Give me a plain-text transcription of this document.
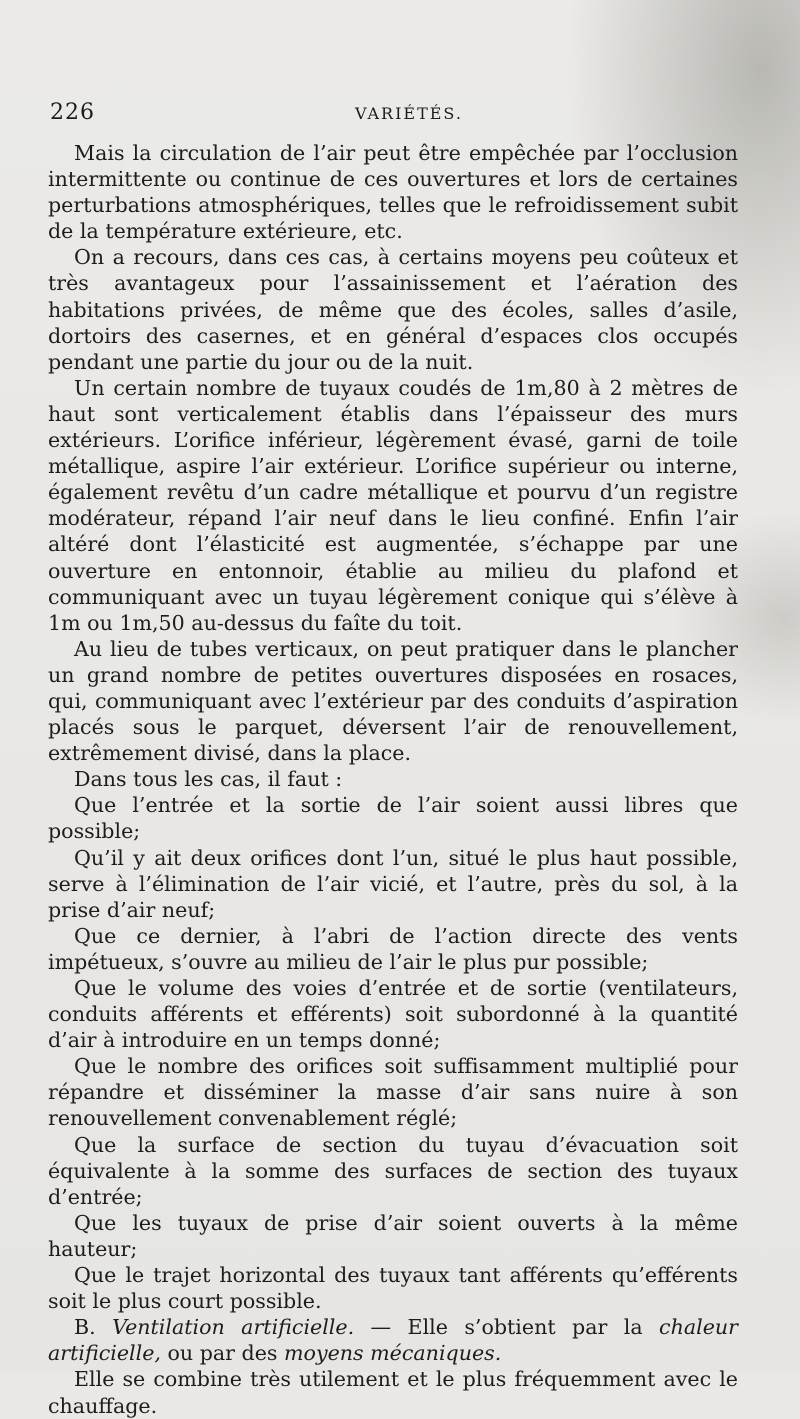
226	VARIÉTÉS.

Mais la circulation de l’air peut être empêchée par l’occlusion intermittente ou continue de ces ouvertures et lors de certaines perturbations atmosphériques, telles que le refroidissement subit de la température extérieure, etc.

On a recours, dans ces cas, à certains moyens peu coûteux et très avantageux pour l’assainissement et l’aération des habitations privées, de même que des écoles, salles d’asile, dortoirs des casernes, et en général d’espaces clos occupés pendant une partie du jour ou de la nuit.

Un certain nombre de tuyaux coudés de 1m,80 à 2 mètres de haut sont verticalement établis dans l’épaisseur des murs extérieurs. L’orifice inférieur, légèrement évasé, garni de toile métallique, aspire l’air extérieur. L’orifice supérieur ou interne, également revêtu d’un cadre métallique et pourvu d’un registre modérateur, répand l’air neuf dans le lieu confiné. Enfin l’air altéré dont l’élasticité est augmentée, s’échappe par une ouverture en entonnoir, établie au milieu du plafond et communiquant avec un tuyau légèrement conique qui s’élève à 1m ou 1m,50 au-dessus du faîte du toit.

Au lieu de tubes verticaux, on peut pratiquer dans le plancher un grand nombre de petites ouvertures disposées en rosaces, qui, communiquant avec l’extérieur par des conduits d’aspiration placés sous le parquet, déversent l’air de renouvellement, extrêmement divisé, dans la place.

Dans tous les cas, il faut :

Que l’entrée et la sortie de l’air soient aussi libres que possible;

Qu’il y ait deux orifices dont l’un, situé le plus haut possible, serve à l’élimination de l’air vicié, et l’autre, près du sol, à la prise d’air neuf;

Que ce dernier, à l’abri de l’action directe des vents impétueux, s’ouvre au milieu de l’air le plus pur possible;

Que le volume des voies d’entrée et de sortie (ventilateurs, conduits afférents et efférents) soit subordonné à la quantité d’air à introduire en un temps donné;

Que le nombre des orifices soit suffisamment multiplié pour répandre et disséminer la masse d’air sans nuire à son renouvellement convenablement réglé;

Que la surface de section du tuyau d’évacuation soit équivalente à la somme des surfaces de section des tuyaux d’entrée;

Que les tuyaux de prise d’air soient ouverts à la même hauteur;

Que le trajet horizontal des tuyaux tant afférents qu’efférents soit le plus court possible.

B. Ventilation artificielle. — Elle s’obtient par la chaleur artificielle, ou par des moyens mécaniques.

Elle se combine très utilement et le plus fréquemment avec le chauffage.
